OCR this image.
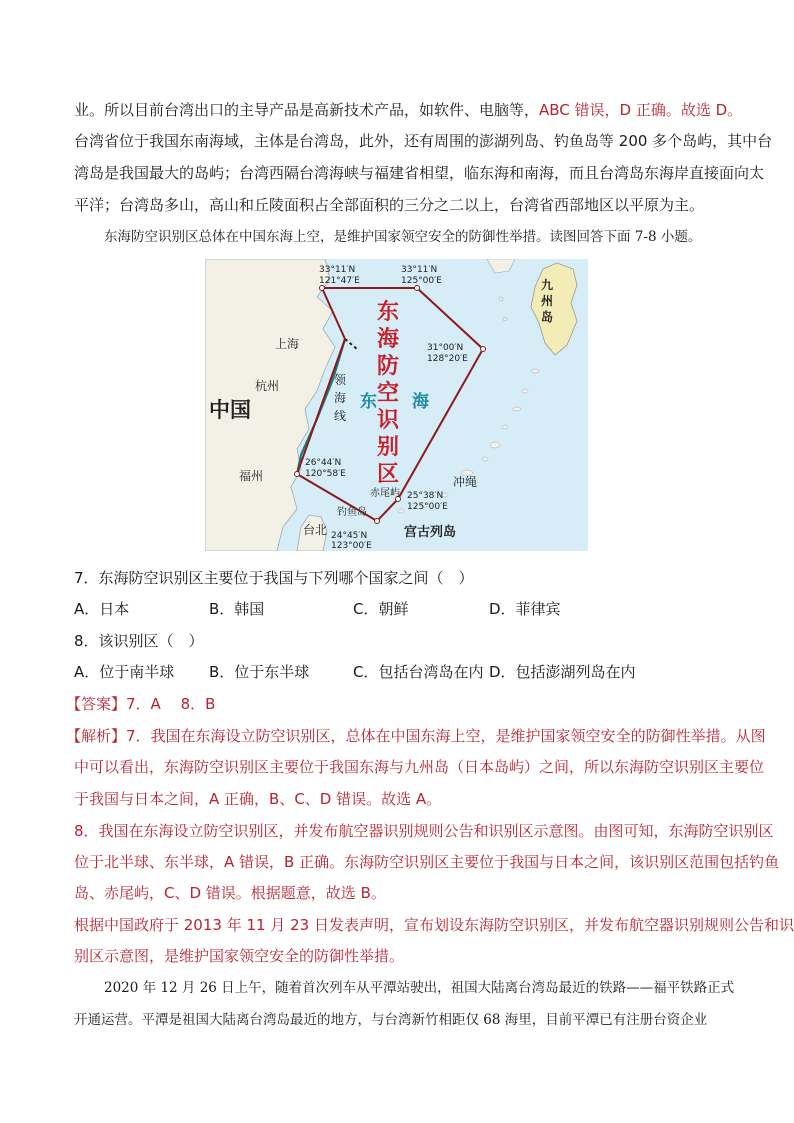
业。所以目前台湾出口的主导产品是高新技术产品，如软件、电脑等，ABC 错误，D 正确。故选 D。
台湾省位于我国东南海域，主体是台湾岛，此外，还有周围的澎湖列岛、钓鱼岛等 200 多个岛屿，其中台
湾岛是我国最大的岛屿；台湾西隔台湾海峡与福建省相望，临东海和南海，而且台湾岛东海岸直接面向太
平洋；台湾岛多山，高山和丘陵面积占全部面积的三分之二以上，台湾省西部地区以平原为主。
东海防空识别区总体在中国东海上空，是维护国家领空安全的防御性举措。读图回答下面 7-8 小题。
东
海
防
空
识
别
区
东 海
中国
上海
杭州
福州
台北
领
海
线
九
州
岛
冲绳
宫古列岛
赤尾屿
钓鱼岛
33°11′N
121°47′E
33°11′N
125°00′E
31°00′N
128°20′E
25°38′N
125°00′E
24°45′N
123°00′E
26°44′N
120°58′E
7．东海防空识别区主要位于我国与下列哪个国家之间（　）
A．日本	B．韩国	C．朝鲜	D．菲律宾
8．该识别区（　）
A．位于南半球 B．位于东半球	C．包括台湾岛在内 D．包括澎湖列岛在内
【答案】7．A　 8．B
【解析】7．我国在东海设立防空识别区，总体在中国东海上空，是维护国家领空安全的防御性举措。从图
中可以看出，东海防空识别区主要位于我国东海与九州岛（日本岛屿）之间，所以东海防空识别区主要位
于我国与日本之间，A 正确，B、C、D 错误。故选 A。
8．我国在东海设立防空识别区，并发布航空器识别规则公告和识别区示意图。由图可知，东海防空识别区
位于北半球、东半球，A 错误，B 正确。东海防空识别区主要位于我国与日本之间，该识别区范围包括钓鱼
岛、赤尾屿，C、D 错误。根据题意，故选 B。
根据中国政府于 2013 年 11 月 23 日发表声明，宣布划设东海防空识别区，并发布航空器识别规则公告和识
别区示意图，是维护国家领空安全的防御性举措。
2020 年 12 月 26 日上午，随着首次列车从平潭站驶出，祖国大陆离台湾岛最近的铁路——福平铁路正式
开通运营。平潭是祖国大陆离台湾岛最近的地方，与台湾新竹相距仅 68 海里，目前平潭已有注册台资企业
